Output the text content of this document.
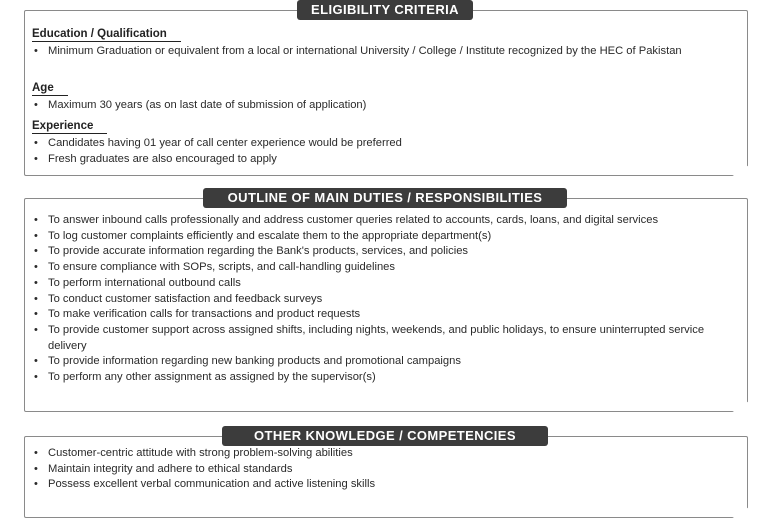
ELIGIBILITY CRITERIA
Education / Qualification
• Minimum Graduation or equivalent from a local or international University / College / Institute recognized by the HEC of Pakistan
Age
• Maximum 30 years (as on last date of submission of application)
Experience
• Candidates having 01 year of call center experience would be preferred
• Fresh graduates are also encouraged to apply
OUTLINE OF MAIN DUTIES / RESPONSIBILITIES
• To answer inbound calls professionally and address customer queries related to accounts, cards, loans, and digital services
• To log customer complaints efficiently and escalate them to the appropriate department(s)
• To provide accurate information regarding the Bank's products, services, and policies
• To ensure compliance with SOPs, scripts, and call-handling guidelines
• To perform international outbound calls
• To conduct customer satisfaction and feedback surveys
• To make verification calls for transactions and product requests
• To provide customer support across assigned shifts, including nights, weekends, and public holidays, to ensure uninterrupted service delivery
• To provide information regarding new banking products and promotional campaigns
• To perform any other assignment as assigned by the supervisor(s)
OTHER KNOWLEDGE / COMPETENCIES
• Customer-centric attitude with strong problem-solving abilities
• Maintain integrity and adhere to ethical standards
• Possess excellent verbal communication and active listening skills
